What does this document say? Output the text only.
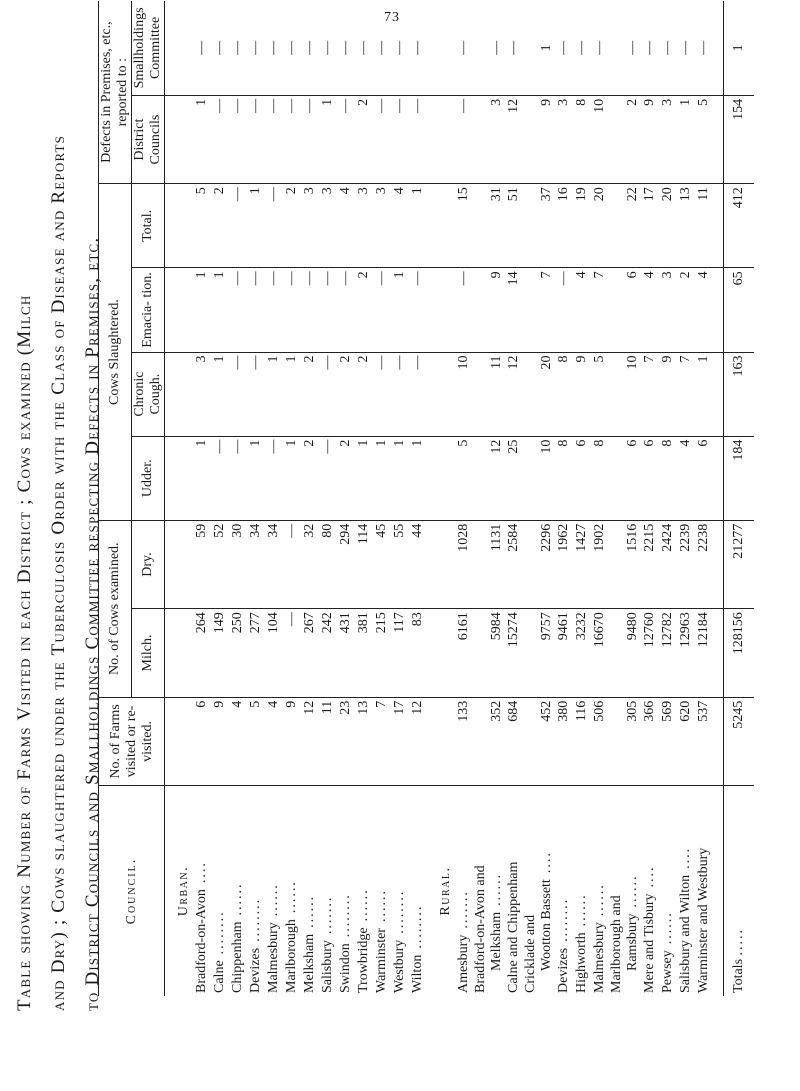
73
Table showing Number of Farms Visited in each District ; Cows examined (Milch and Dry) ; Cows slaughtered under the Tuberculosis Order with the Class of Disease and Reports to District Councils and Smallholdings Committee respecting Defects in Premises, etc.	Council.	No. of Farms visited or re-visited.	No. of Cows examined.		Cows Slaughtered.				Defects in Premises, etc., reported to :	
		Milch.	Dry.	Udder.	Chronic Cough.	Emacia- tion.	Total.	District Councils	Smallholdings Committee

Urban.									
Bradford-on-Avon....	6	264	59	1	3	1	5	1	—
Calne........	9	149	52	—	1	1	2	—	—
Chippenham......	4	250	30	—	—	—	—	—	—
Devizes........	5	277	34	1	—	—	1	—	—
Malmesbury......	4	104	34	—	1	—	—	—	—
Marlborough......	9	—	—	1	1	—	2	—	—
Melksham......	12	267	32	2	2	—	3	—	—
Salisbury.......	11	242	80	—	—	—	3	1	—
Swindon........	23	431	294	2	2	—	4	—	—
Trowbridge......	13	381	114	1	2	2	3	2	—
Warminster......	7	215	45	1	—	—	3	—	—
Westbury........	17	117	55	1	—	1	4	—	—
Wilton........	12	83	44	1	—	—	1	—	—

Rural.									
Amesbury.......	133	6161	1028	5	10	—	15	—	—
Bradford-on-Avon and
Melksham......	352	5984	1131	12	11	9	31	3	—
Calne and Chippenham	684	15274	2584	25	12	14	51	12	—
Cricklade and
Wootton Bassett....	452	9757	2296	10	20	7	37	9	1
Devizes........	380	9461	1962	8	8	—	16	3	—
Highworth......	116	3232	1427	6	9	4	19	8	—
Malmesbury......	506	16670	1902	8	5	7	20	10	—
Marlborough and
Ramsbury......	305	9480	1516	6	10	6	22	2	—
Mere and Tisbury....	366	12760	2215	6	7	4	17	9	—
Pewsey......	569	12782	2424	8	9	3	20	3	—
Salisbury and Wilton....	620	12963	2239	4	7	2	13	1	—
Warminster and Westbury	537	12184	2238	6	1	4	11	5	—

Totals .....	5245	128156	21277	184	163	65	412	154	1
